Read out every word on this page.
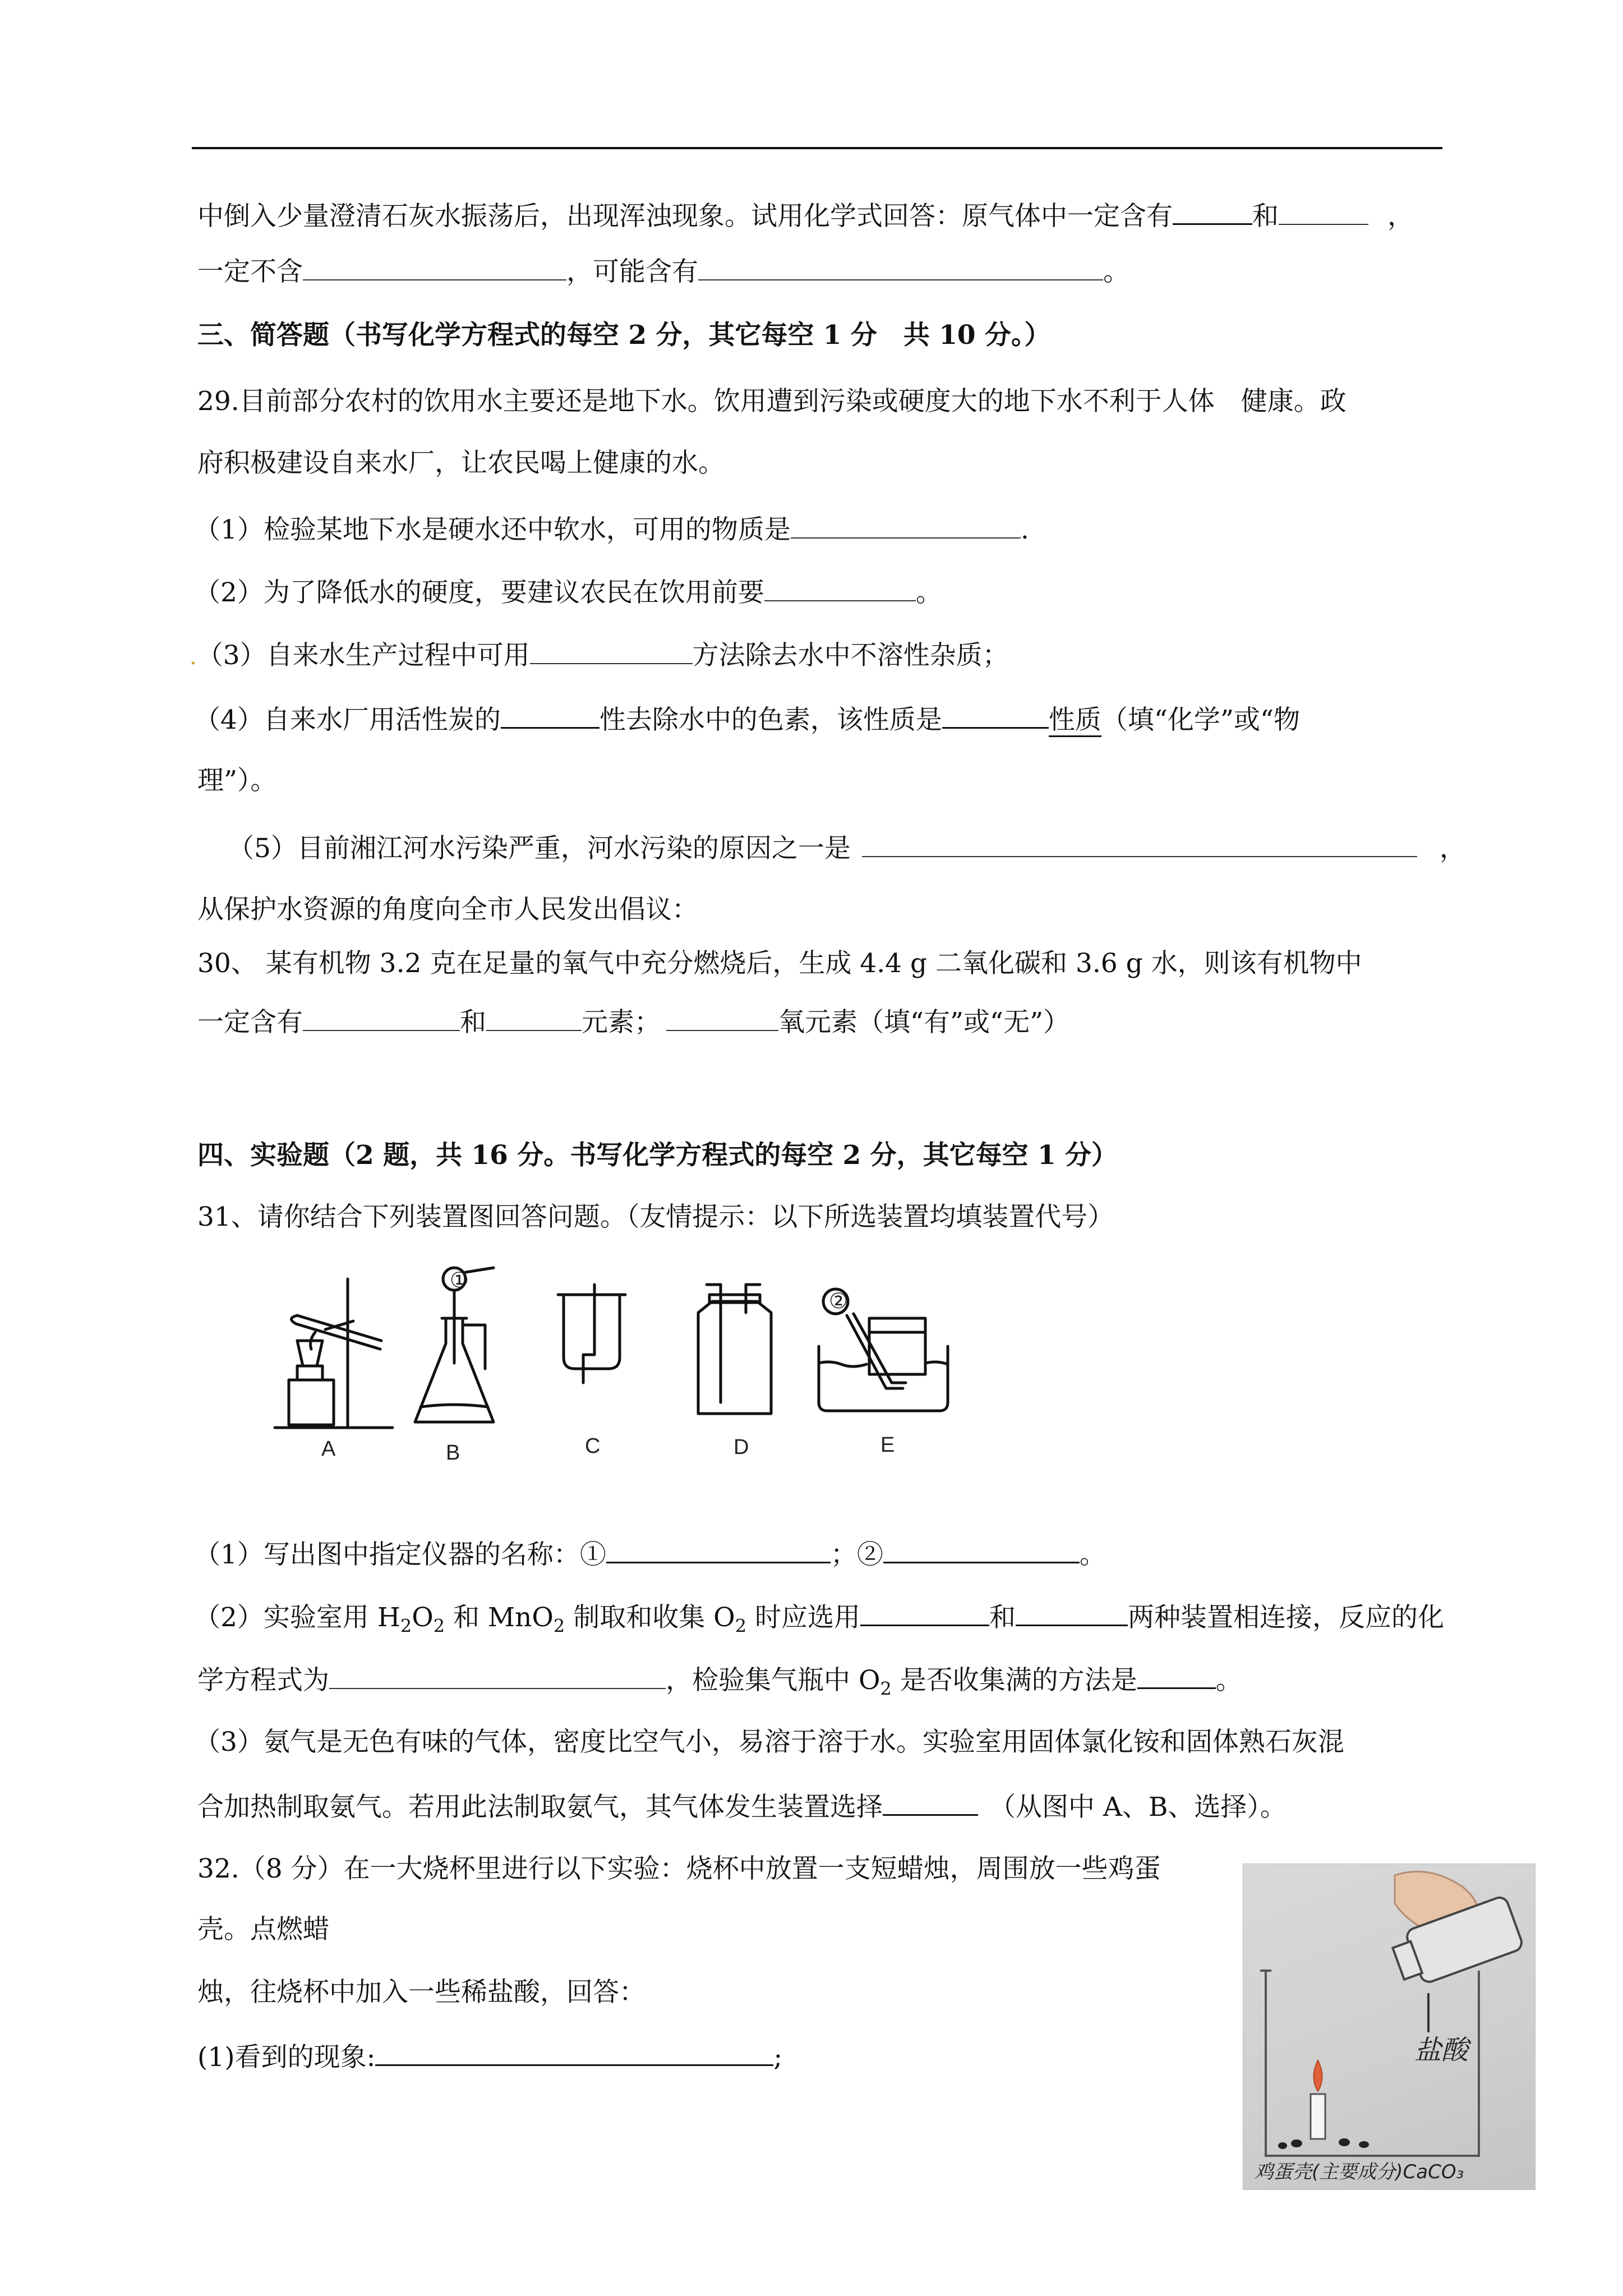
中倒入少量澄清石灰水振荡后，出现浑浊现象。试用化学式回答：原气体中一定含有	和	，
一定不含	，可能含有	。
三、简答题（书写化学方程式的每空 2 分，其它每空 1 分　共 10 分。）
29.目前部分农村的饮用水主要还是地下水。饮用遭到污染或硬度大的地下水不利于人体　健康。政
府积极建设自来水厂，让农民喝上健康的水。
（1）检验某地下水是硬水还中软水，可用的物质是	.
（2）为了降低水的硬度，要建议农民在饮用前要	。
.（3）自来水生产过程中可用	方法除去水中不溶性杂质；
（4）自来水厂用活性炭的	性去除水中的色素，该性质是	性质（填“化学”或“物
理”）。
（5）目前湘江河水污染严重，河水污染的原因之一是	，
从保护水资源的角度向全市人民发出倡议：
30、 某有机物 3.2 克在足量的氧气中充分燃烧后，生成 4.4 g 二氧化碳和 3.6 g 水，则该有机物中
一定含有	和	元素；	氧元素（填“有”或“无”）
四、实验题（2 题，共 16 分。书写化学方程式的每空 2 分，其它每空 1 分）
31、请你结合下列装置图回答问题。（友情提示：以下所选装置均填装置代号）
①
②
A	B	C	D	E
（1）写出图中指定仪器的名称：①	；②	。
（2）实验室用 $H_2O_2$ 和 MnO$_2$ 制取和收集 $O_2$ 时应选用	和	两种装置相连接，反应的化
学方程式为	，检验集气瓶中 $O_2$ 是否收集满的方法是	。
（3）氨气是无色有味的气体，密度比空气小，易溶于溶于水。实验室用固体氯化铵和固体熟石灰混
合加热制取氨气。若用此法制取氨气，其气体发生装置选择	（从图中 A、B、选择）。
32.（8 分）在一大烧杯里进行以下实验：烧杯中放置一支短蜡烛，周围放一些鸡蛋
壳。点燃蜡
烛，往烧杯中加入一些稀盐酸，回答：
(1)看到的现象:	;	盐酸
鸡蛋壳(主要成分)CaCO₃
